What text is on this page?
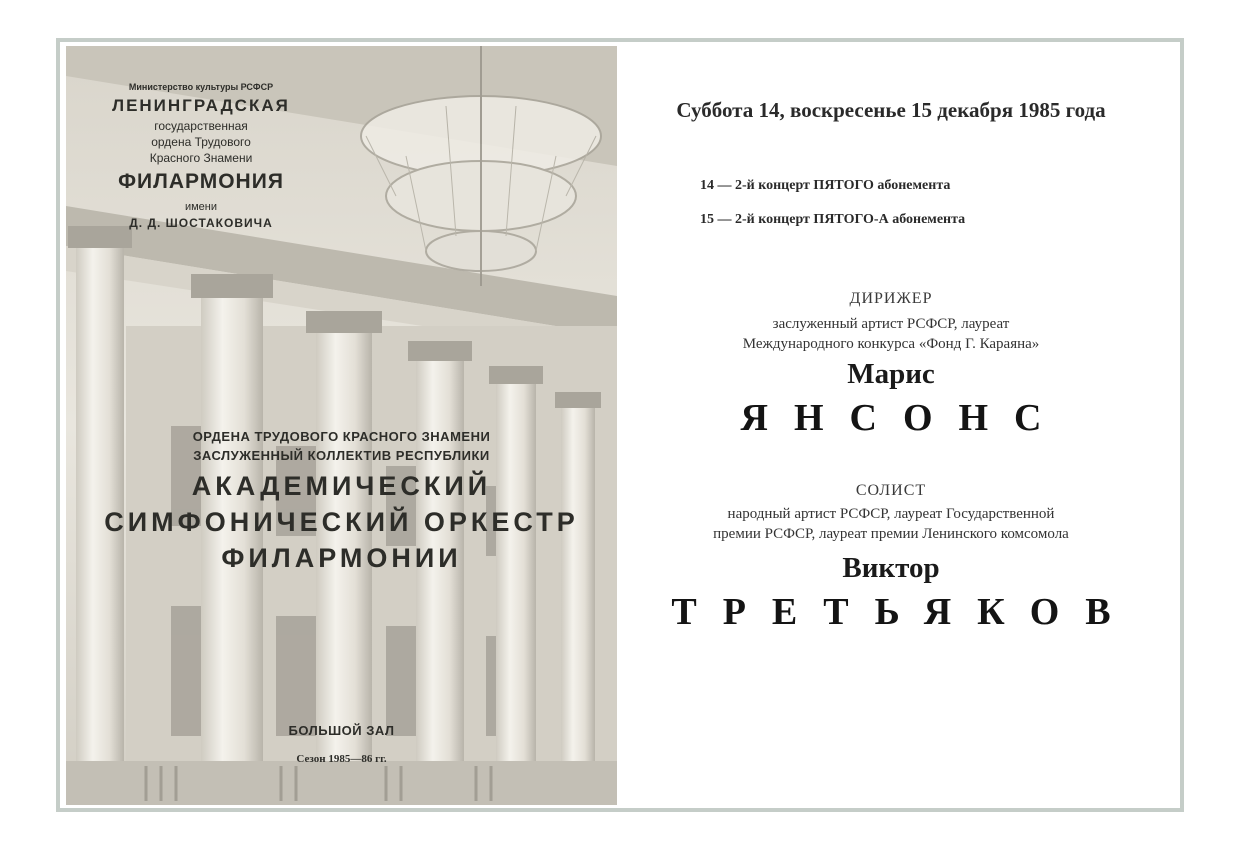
Министерство культуры РСФСР
ЛЕНИНГРАДСКАЯ
государственная
ордена Трудового
Красного Знамени
ФИЛАРМОНИЯ
имени
Д. Д. ШОСТАКОВИЧА
ОРДЕНА ТРУДОВОГО КРАСНОГО ЗНАМЕНИ
ЗАСЛУЖЕННЫЙ КОЛЛЕКТИВ РЕСПУБЛИКИ
АКАДЕМИЧЕСКИЙ
СИМФОНИЧЕСКИЙ ОРКЕСТР
ФИЛАРМОНИИ
БОЛЬШОЙ ЗАЛ
Сезон 1985—86 гг.
Суббота 14, воскресенье 15 декабря 1985 года
14 — 2-й концерт ПЯТОГО абонемента
15 — 2-й концерт ПЯТОГО-А абонемента
ДИРИЖЕР
заслуженный артист РСФСР, лауреат
Международного конкурса «Фонд Г. Караяна»
Марис
ЯНСОНС
СОЛИСТ
народный артист РСФСР, лауреат Государственной
премии РСФСР, лауреат премии Ленинского комсомола
Виктор
ТРЕТЬЯКОВ
